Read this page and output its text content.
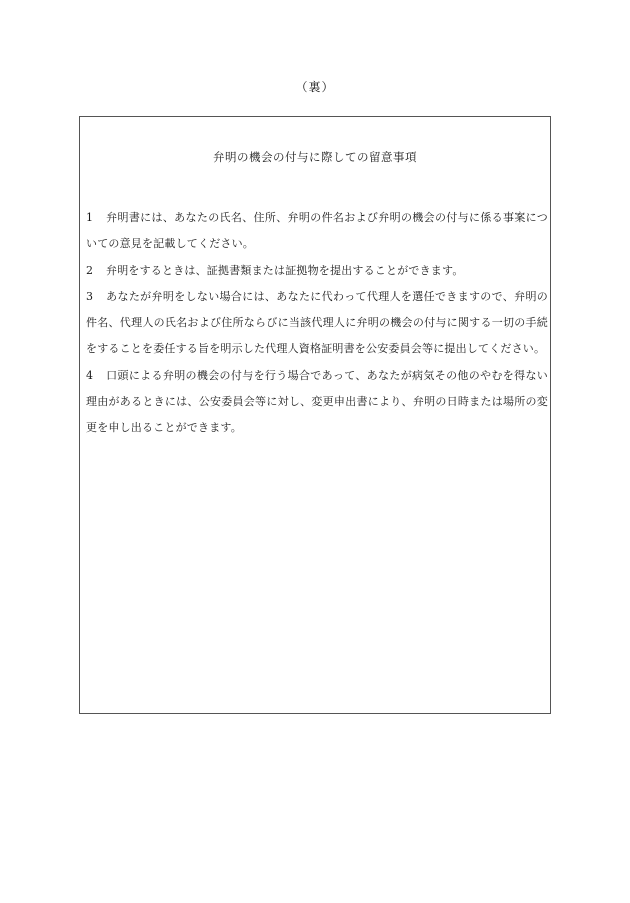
（裏）
弁明の機会の付与に際しての留意事項
1 弁明書には、あなたの氏名、住所、弁明の件名および弁明の機会の付与に係る事案についての意見を記載してください。
2 弁明をするときは、証拠書類または証拠物を提出することができます。
3 あなたが弁明をしない場合には、あなたに代わって代理人を選任できますので、弁明の件名、代理人の氏名および住所ならびに当該代理人に弁明の機会の付与に関する一切の手続をすることを委任する旨を明示した代理人資格証明書を公安委員会等に提出してください。
4 口頭による弁明の機会の付与を行う場合であって、あなたが病気その他のやむを得ない理由があるときには、公安委員会等に対し、変更申出書により、弁明の日時または場所の変更を申し出ることができます。
